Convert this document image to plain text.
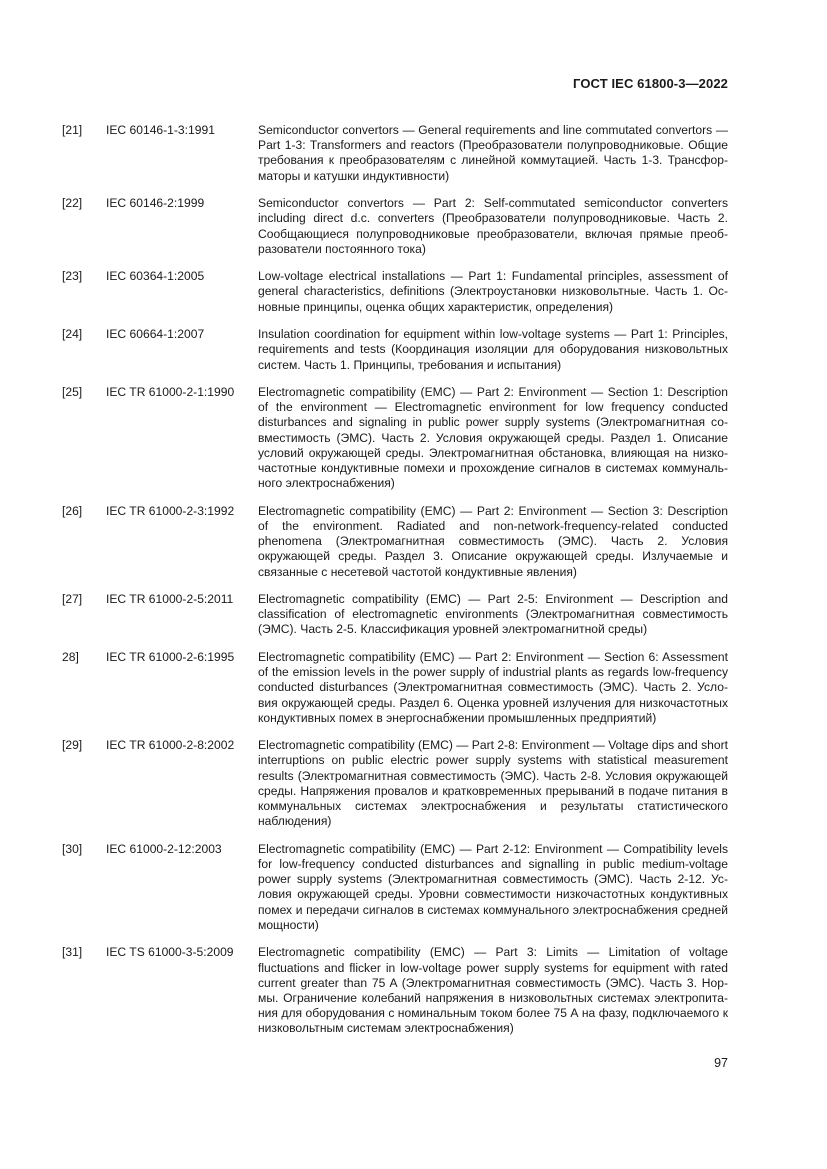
ГОСТ IEC 61800-3—2022
[21]	IEC 60146-1-3:1991	Semiconductor convertors — General requirements and line commutated convertors — Part 1-3: Transformers and reactors (Преобразователи полупроводниковые. Общие требования к преобразователям с линейной коммутацией. Часть 1-3. Трансформаторы и катушки индуктивности)
[22]	IEC 60146-2:1999	Semiconductor convertors — Part 2: Self-commutated semiconductor converters including direct d.c. converters (Преобразователи полупроводниковые. Часть 2. Сообщающиеся полупроводниковые преобразователи, включая прямые преобразователи постоянного тока)
[23]	IEC 60364-1:2005	Low-voltage electrical installations — Part 1: Fundamental principles, assessment of general characteristics, definitions (Электроустановки низковольтные. Часть 1. Основные принципы, оценка общих характеристик, определения)
[24]	IEC 60664-1:2007	Insulation coordination for equipment within low-voltage systems — Part 1: Principles, requirements and tests (Координация изоляции для оборудования низковольтных систем. Часть 1. Принципы, требования и испытания)
[25]	IEC TR 61000-2-1:1990	Electromagnetic compatibility (EMC) — Part 2: Environment — Section 1: Description of the environment — Electromagnetic environment for low frequency conducted disturbances and signaling in public power supply systems (Электромагнитная совместимость (ЭМС). Часть 2. Условия окружающей среды. Раздел 1. Описание условий окружающей среды. Электромагнитная обстановка, влияющая на низкочастотные кондуктивные помехи и прохождение сигналов в системах коммунального электроснабжения)
[26]	IEC TR 61000-2-3:1992	Electromagnetic compatibility (EMC) — Part 2: Environment — Section 3: Description of the environment. Radiated and non-network-frequency-related conducted phenomena (Электромагнитная совместимость (ЭМС). Часть 2. Условия окружающей среды. Раздел 3. Описание окружающей среды. Излучаемые и связанные с несетевой частотой кондуктивные явления)
[27]	IEC TR 61000-2-5:2011	Electromagnetic compatibility (EMC) — Part 2-5: Environment — Description and classification of electromagnetic environments (Электромагнитная совместимость (ЭМС). Часть 2-5. Классификация уровней электромагнитной среды)
28]	IEC TR 61000-2-6:1995	Electromagnetic compatibility (EMC) — Part 2: Environment — Section 6: Assessment of the emission levels in the power supply of industrial plants as regards low-frequency conducted disturbances (Электромагнитная совместимость (ЭМС). Часть 2. Условия окружающей среды. Раздел 6. Оценка уровней излучения для низкочастотных кондуктивных помех в энергоснабжении промышленных предприятий)
[29]	IEC TR 61000-2-8:2002	Electromagnetic compatibility (EMC) — Part 2-8: Environment — Voltage dips and short interruptions on public electric power supply systems with statistical measurement results (Электромагнитная совместимость (ЭМС). Часть 2-8. Условия окружающей среды. Напряжения провалов и кратковременных прерываний в подаче питания в коммунальных системах электроснабжения и результаты статистического наблюдения)
[30]	IEC 61000-2-12:2003	Electromagnetic compatibility (EMC) — Part 2-12: Environment — Compatibility levels for low-frequency conducted disturbances and signalling in public medium-voltage power supply systems (Электромагнитная совместимость (ЭМС). Часть 2-12. Условия окружающей среды. Уровни совместимости низкочастотных кондуктивных помех и передачи сигналов в системах коммунального электроснабжения средней мощности)
[31]	IEC TS 61000-3-5:2009	Electromagnetic compatibility (EMC) — Part 3: Limits — Limitation of voltage fluctuations and flicker in low-voltage power supply systems for equipment with rated current greater than 75 A (Электромагнитная совместимость (ЭМС). Часть 3. Нормы. Ограничение колебаний напряжения в низковольтных системах электропитания для оборудования с номинальным током более 75 А на фазу, подключаемого к низковольтным системам электроснабжения)
97
